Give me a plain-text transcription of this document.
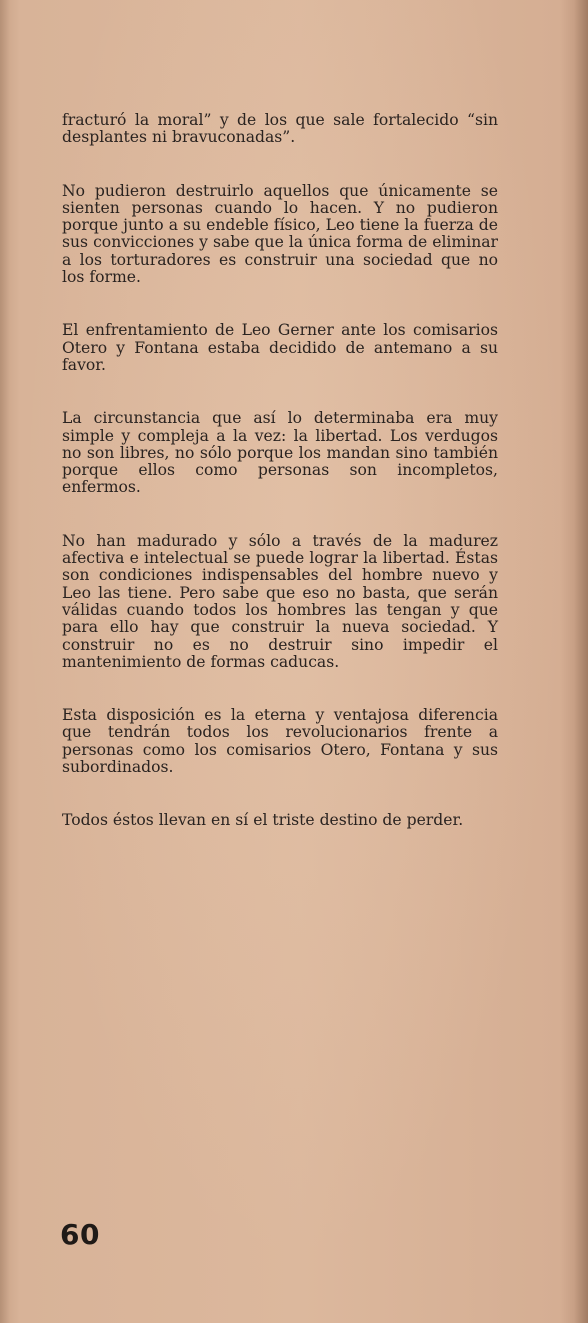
fracturó la moral” y de los que sale fortalecido “sin desplantes ni bravuconadas”.

No pudieron destruirlo aquellos que únicamente se sienten personas cuando lo hacen. Y no pudieron porque junto a su endeble físico, Leo tiene la fuerza de sus convicciones y sabe que la única forma de eliminar a los torturadores es construir una sociedad que no los forme.

El enfrentamiento de Leo Gerner ante los comisarios Otero y Fontana estaba decidido de antemano a su favor.

La circunstancia que así lo determinaba era muy simple y compleja a la vez: la libertad. Los verdugos no son libres, no sólo porque los mandan sino también porque ellos como personas son incompletos, enfermos.

No han madurado y sólo a través de la madurez afectiva e intelectual se puede lograr la libertad. Éstas son condiciones indispensables del hombre nuevo y Leo las tiene. Pero sabe que eso no basta, que serán válidas cuando todos los hombres las tengan y que para ello hay que construir la nueva sociedad. Y construir no es no destruir sino impedir el mantenimiento de formas caducas.

Esta disposición es la eterna y ventajosa diferencia que tendrán todos los revolucionarios frente a personas como los comisarios Otero, Fontana y sus subordinados.

Todos éstos llevan en sí el triste destino de perder.

60
